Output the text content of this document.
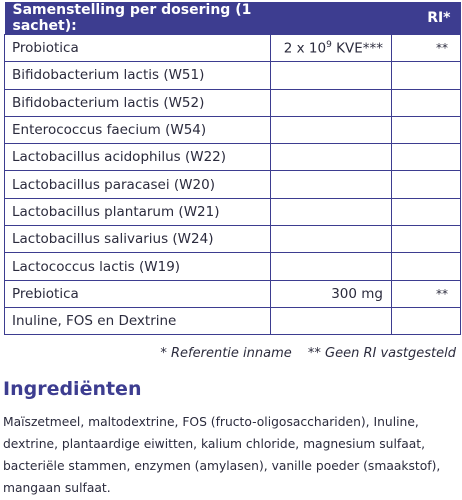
Samenstelling per dosering (1 sachet):		RI*
Probiotica	2 x $10^9$ KVE***	**
Bifidobacterium lactis (W51)		
Bifidobacterium lactis (W52)		
Enterococcus faecium (W54)		
Lactobacillus acidophilus (W22)		
Lactobacillus paracasei (W20)		
Lactobacillus plantarum (W21)		
Lactobacillus salivarius (W24)		
Lactococcus lactis (W19)		
Prebiotica	300 mg	**
Inuline, FOS en Dextrine		
* Referentie inname ** Geen RI vastgesteld
Ingrediënten

Maïszetmeel, maltodextrine, FOS (fructo-oligosacchariden), Inuline, dextrine, plantaardige eiwitten, kalium chloride, magnesium sulfaat, bacteriële stammen, enzymen (amylasen), vanille poeder (smaakstof), mangaan sulfaat.
